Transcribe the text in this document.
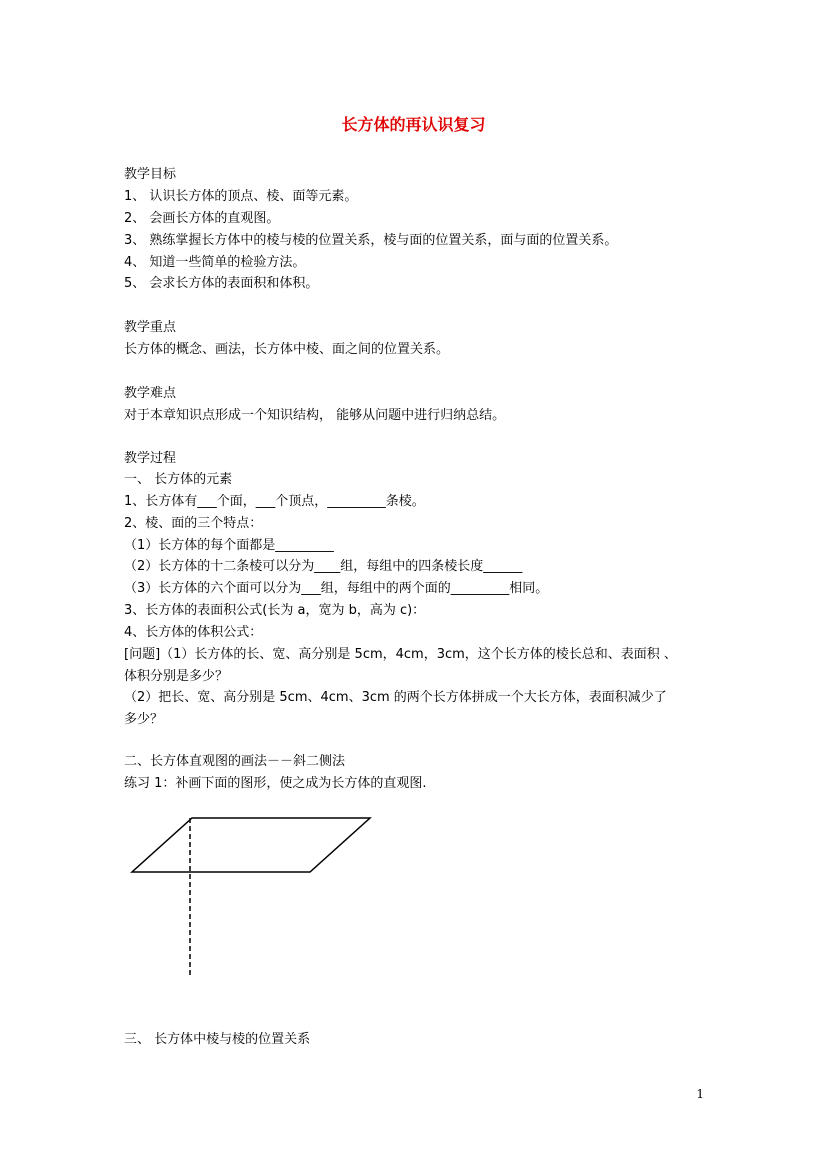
长方体的再认识复习
教学目标
1、 认识长方体的顶点、棱、面等元素。
2、 会画长方体的直观图。
3、 熟练掌握长方体中的棱与棱的位置关系，棱与面的位置关系，面与面的位置关系。
4、 知道一些简单的检验方法。
5、 会求长方体的表面积和体积。
教学重点
长方体的概念、画法，长方体中棱、面之间的位置关系。
教学难点
对于本章知识点形成一个知识结构， 能够从问题中进行归纳总结。
教学过程
一、 长方体的元素
1、长方体有___个面，___个顶点，_________条棱。
2、棱、面的三个特点：
（1）长方体的每个面都是_________
（2）长方体的十二条棱可以分为____组，每组中的四条棱长度______
（3）长方体的六个面可以分为___组，每组中的两个面的_________相同。
3、长方体的表面积公式(长为 a，宽为 b，高为 c)：
4、长方体的体积公式：
[问题]（1）长方体的长、宽、高分别是 5cm，4cm，3cm，这个长方体的棱长总和、表面积 、
体积分别是多少？
（2）把长、宽、高分别是 5cm、4cm、3cm 的两个长方体拼成一个大长方体，表面积减少了
多少？
二、长方体直观图的画法－－斜二侧法
练习 1：补画下面的图形，使之成为长方体的直观图.
三、 长方体中棱与棱的位置关系
1
